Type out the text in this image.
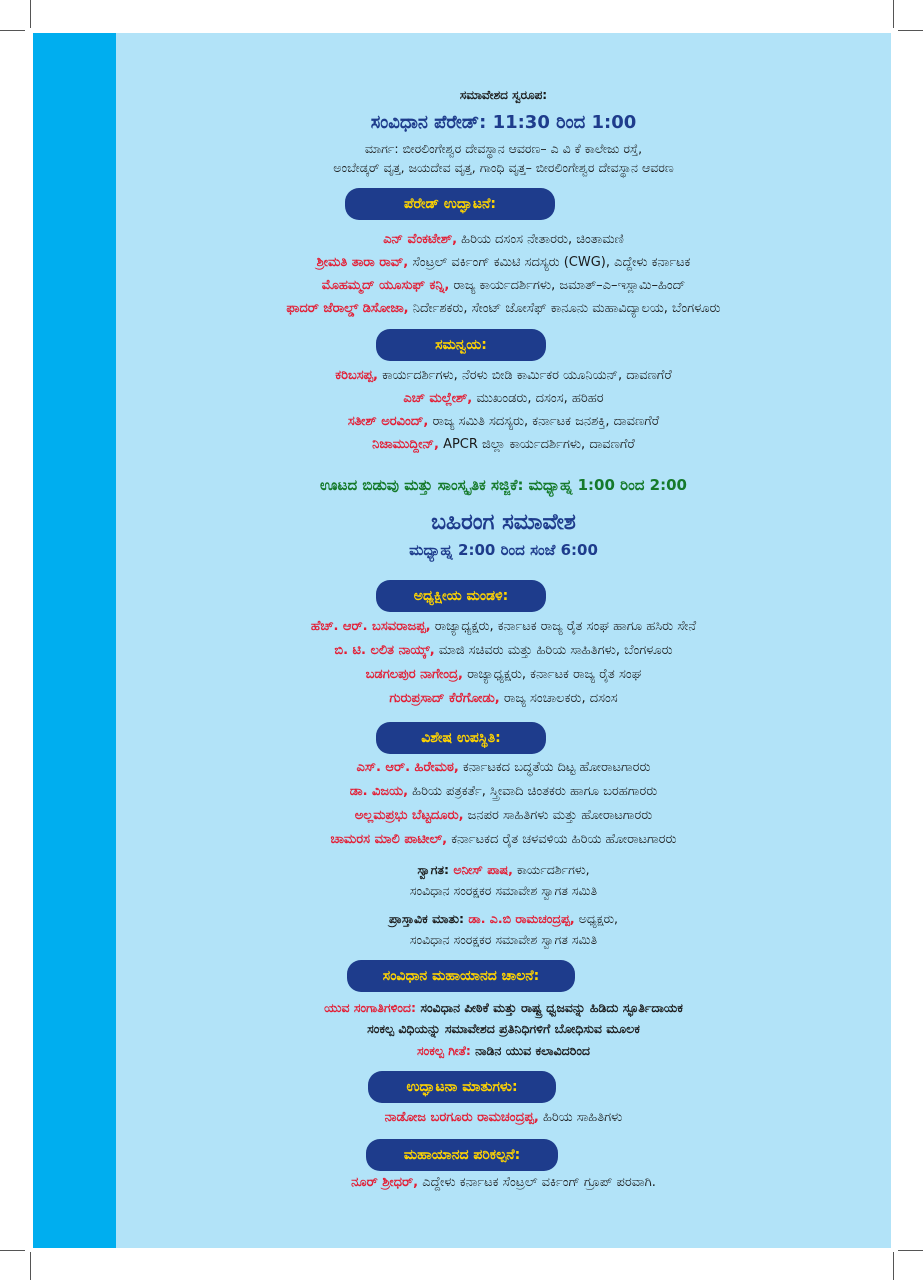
ಸಮಾವೇಶದ ಸ್ವರೂಪ:
ಸಂವಿಧಾನ ಪೆರೇಡ್: 11:30 ರಿಂದ 1:00
ಮಾರ್ಗ: ಬೀರಲಿಂಗೇಶ್ವರ ದೇವಸ್ಥಾನ ಆವರಣ– ಎ ವಿ ಕೆ ಕಾಲೇಜು ರಸ್ತೆ,
ಅಂಬೇಡ್ಕರ್ ವೃತ್ತ, ಜಯದೇವ ವೃತ್ತ, ಗಾಂಧಿ ವೃತ್ತ– ಬೀರಲಿಂಗೇಶ್ವರ ದೇವಸ್ಥಾನ ಆವರಣ
ಪೆರೇಡ್ ಉದ್ಘಾಟನೆ:
ಎನ್ ವೆಂಕಟೇಶ್, ಹಿರಿಯ ದಸಂಸ ನೇತಾರರು, ಚಿಂತಾಮಣಿ
ಶ್ರೀಮತಿ ತಾರಾ ರಾವ್, ಸೆಂಟ್ರಲ್ ವರ್ಕಿಂಗ್ ಕಮಿಟಿ ಸದಸ್ಯರು (CWG), ಎದ್ದೇಳು ಕರ್ನಾಟಕ
ಮೊಹಮ್ಮದ್ ಯೂಸುಫ್ ಕನ್ನಿ, ರಾಜ್ಯ ಕಾರ್ಯದರ್ಶಿಗಳು, ಜಮಾತ್–ಎ–ಇಸ್ಲಾಮಿ–ಹಿಂದ್
ಫಾದರ್ ಜೆರಾಲ್ಡ್ ಡಿಸೋಜಾ, ನಿರ್ದೇಶಕರು, ಸೇಂಟ್ ಜೋಸೆಫ್ ಕಾನೂನು ಮಹಾವಿದ್ಯಾಲಯ, ಬೆಂಗಳೂರು
ಸಮನ್ವಯ:
ಕರಿಬಸಪ್ಪ, ಕಾರ್ಯದರ್ಶಿಗಳು, ನೆರಳು ಬೀಡಿ ಕಾರ್ಮಿಕರ ಯೂನಿಯನ್, ದಾವಣಗೆರೆ
ಎಚ್ ಮಲ್ಲೇಶ್, ಮುಖಂಡರು, ದಸಂಸ, ಹರಿಹರ
ಸತೀಶ್ ಅರವಿಂದ್, ರಾಜ್ಯ ಸಮಿತಿ ಸದಸ್ಯರು, ಕರ್ನಾಟಕ ಜನಶಕ್ತಿ, ದಾವಣಗೆರೆ
ನಿಜಾಮುದ್ದೀನ್, APCR ಜಿಲ್ಲಾ ಕಾರ್ಯದರ್ಶಿಗಳು, ದಾವಣಗೆರೆ
ಊಟದ ಬಿಡುವು ಮತ್ತು ಸಾಂಸ್ಕೃತಿಕ ಸಜ್ಜಿಕೆ: ಮಧ್ಯಾಹ್ನ 1:00 ರಿಂದ 2:00
ಬಹಿರಂಗ ಸಮಾವೇಶ
ಮಧ್ಯಾಹ್ನ 2:00 ರಿಂದ ಸಂಜೆ 6:00
ಅಧ್ಯಕ್ಷೀಯ ಮಂಡಳಿ:
ಹೆಚ್. ಆರ್. ಬಸವರಾಜಪ್ಪ, ರಾಜ್ಯಾಧ್ಯಕ್ಷರು, ಕರ್ನಾಟಕ ರಾಜ್ಯ ರೈತ ಸಂಘ ಹಾಗೂ ಹಸಿರು ಸೇನೆ
ಬಿ. ಟಿ. ಲಲಿತ ನಾಯ್ಕ್, ಮಾಜಿ ಸಚಿವರು ಮತ್ತು ಹಿರಿಯ ಸಾಹಿತಿಗಳು, ಬೆಂಗಳೂರು
ಬಡಗಲಪುರ ನಾಗೇಂದ್ರ, ರಾಜ್ಯಾಧ್ಯಕ್ಷರು, ಕರ್ನಾಟಕ ರಾಜ್ಯ ರೈತ ಸಂಘ
ಗುರುಪ್ರಸಾದ್ ಕೆರೆಗೋಡು, ರಾಜ್ಯ ಸಂಚಾಲಕರು, ದಸಂಸ
ವಿಶೇಷ ಉಪಸ್ಥಿತಿ:
ಎಸ್. ಆರ್. ಹಿರೇಮಠ, ಕರ್ನಾಟಕದ ಬದ್ಧತೆಯ ದಿಟ್ಟ ಹೋರಾಟಗಾರರು
ಡಾ. ವಿಜಯ, ಹಿರಿಯ ಪತ್ರಕರ್ತೆ, ಸ್ತ್ರೀವಾದಿ ಚಿಂತಕರು ಹಾಗೂ ಬರಹಗಾರರು
ಅಲ್ಲಮಪ್ರಭು ಬೆಟ್ಟದೂರು, ಜನಪರ ಸಾಹಿತಿಗಳು ಮತ್ತು ಹೋರಾಟಗಾರರು
ಚಾಮರಸ ಮಾಲಿ ಪಾಟೀಲ್, ಕರ್ನಾಟಕದ ರೈತ ಚಳವಳಿಯ ಹಿರಿಯ ಹೋರಾಟಗಾರರು
ಸ್ವಾಗತ: ಅನೀಸ್ ಪಾಷ, ಕಾರ್ಯದರ್ಶಿಗಳು,
ಸಂವಿಧಾನ ಸಂರಕ್ಷಕರ ಸಮಾವೇಶ ಸ್ವಾಗತ ಸಮಿತಿ
ಪ್ರಾಸ್ತಾವಿಕ ಮಾತು: ಡಾ. ಎ.ಬಿ ರಾಮಚಂದ್ರಪ್ಪ, ಅಧ್ಯಕ್ಷರು,
ಸಂವಿಧಾನ ಸಂರಕ್ಷಕರ ಸಮಾವೇಶ ಸ್ವಾಗತ ಸಮಿತಿ
ಸಂವಿಧಾನ ಮಹಾಯಾನದ ಚಾಲನೆ:
ಯುವ ಸಂಗಾತಿಗಳಿಂದ: ಸಂವಿಧಾನ ಪೀಠಿಕೆ ಮತ್ತು ರಾಷ್ಟ್ರ ಧ್ವಜವನ್ನು ಹಿಡಿದು ಸ್ಫೂರ್ತಿದಾಯಕ
ಸಂಕಲ್ಪ ವಿಧಿಯನ್ನು ಸಮಾವೇಶದ ಪ್ರತಿನಿಧಿಗಳಿಗೆ ಬೋಧಿಸುವ ಮೂಲಕ
ಸಂಕಲ್ಪ ಗೀತೆ: ನಾಡಿನ ಯುವ ಕಲಾವಿದರಿಂದ
ಉದ್ಘಾಟನಾ ಮಾತುಗಳು:
ನಾಡೋಜ ಬರಗೂರು ರಾಮಚಂದ್ರಪ್ಪ, ಹಿರಿಯ ಸಾಹಿತಿಗಳು
ಮಹಾಯಾನದ ಪರಿಕಲ್ಪನೆ:
ನೂರ್ ಶ್ರೀಧರ್, ಎದ್ದೇಳು ಕರ್ನಾಟಕ ಸೆಂಟ್ರಲ್ ವರ್ಕಿಂಗ್ ಗ್ರೂಪ್ ಪರವಾಗಿ.
